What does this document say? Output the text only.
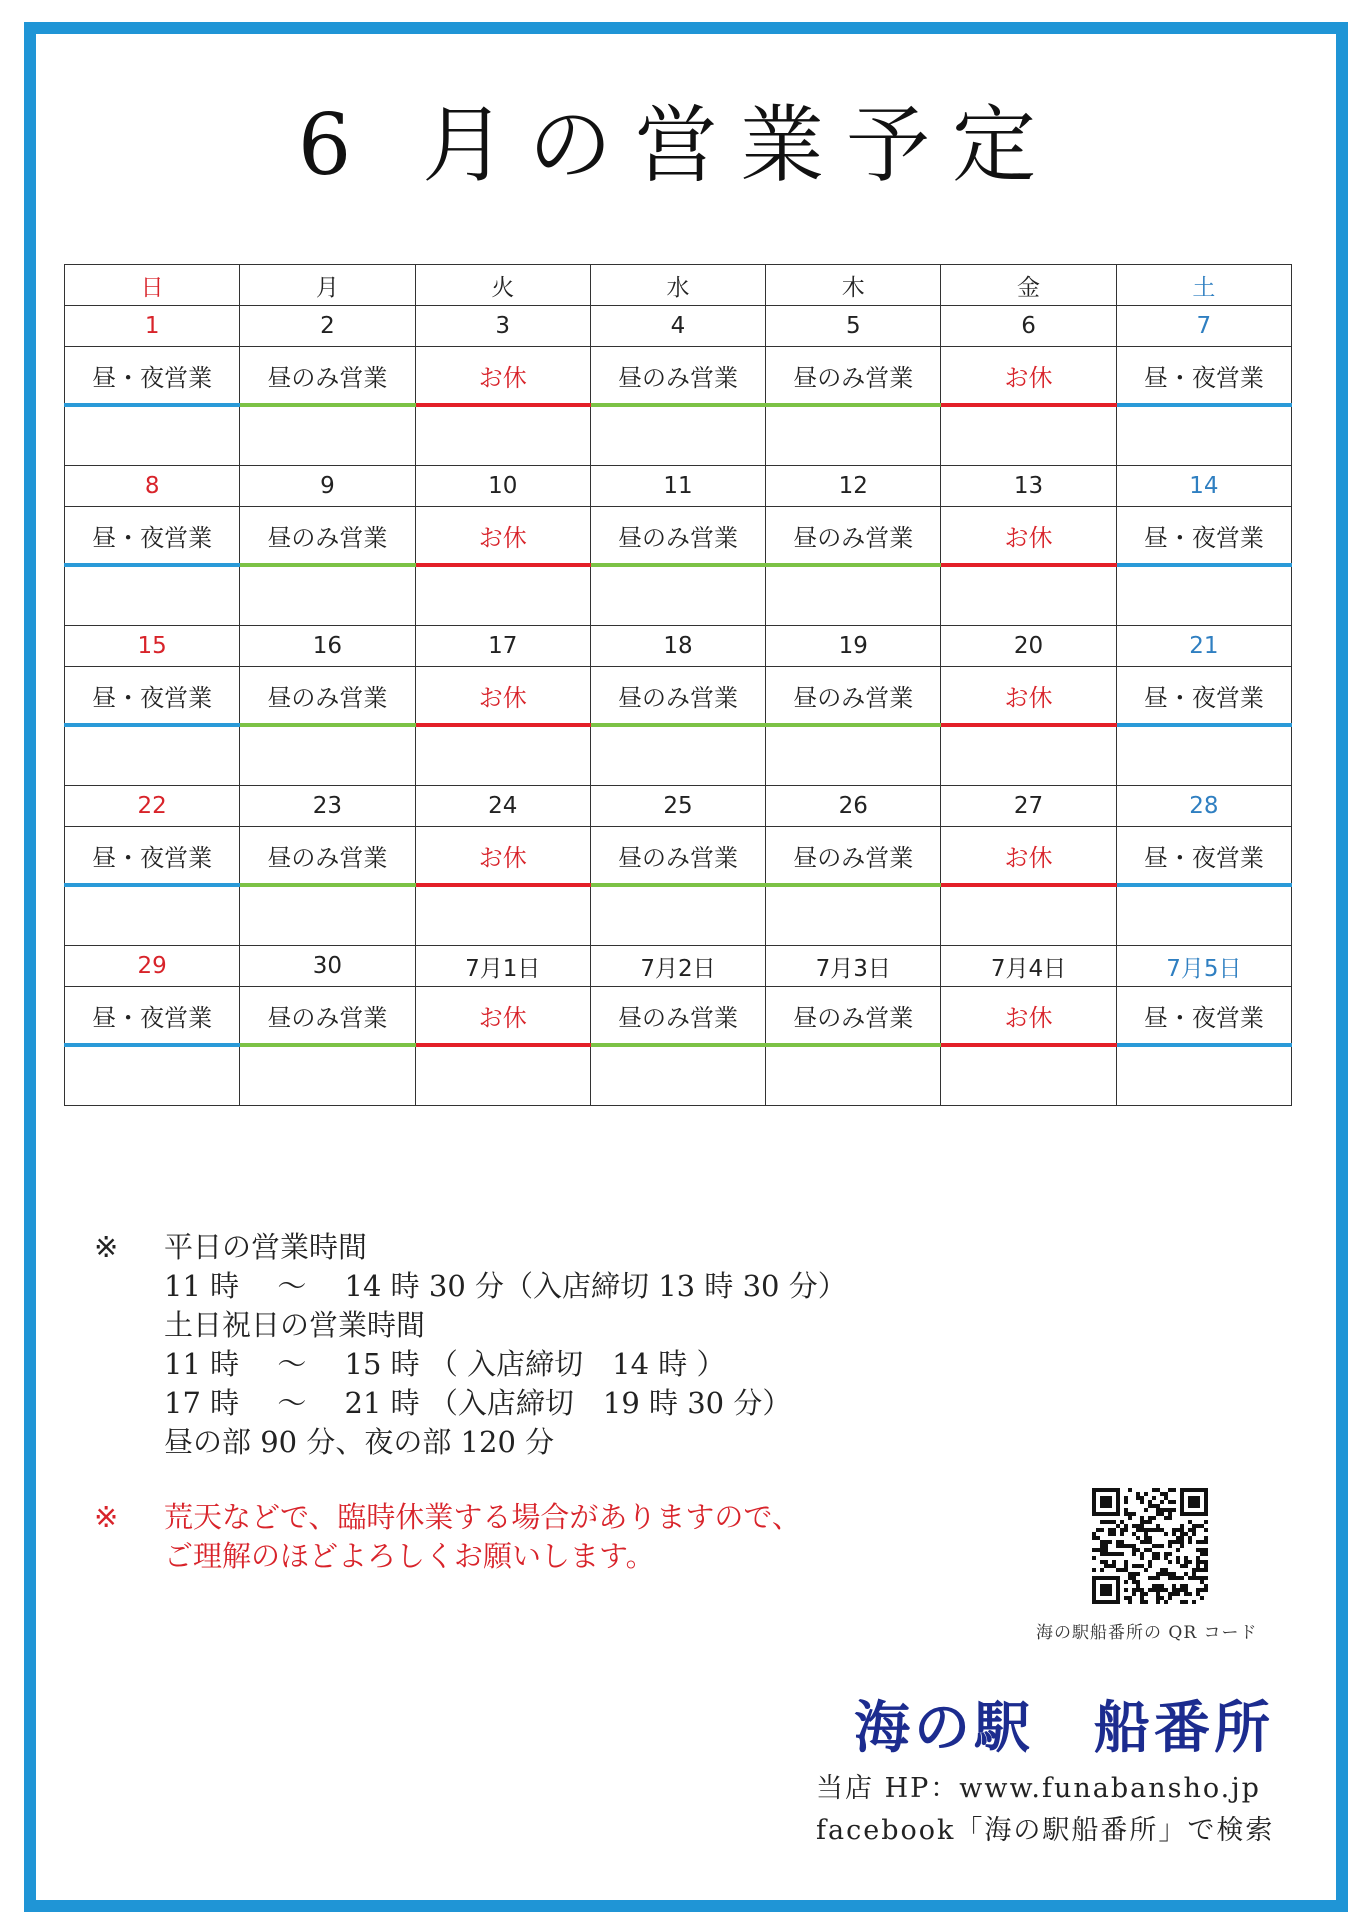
6 月の営業予定
日	月	火	水	木	金	土
1	2	3	4	5	6	7
昼・夜営業	昼のみ営業	お休	昼のみ営業	昼のみ営業	お休	昼・夜営業

8	9	10	11	12	13	14
昼・夜営業	昼のみ営業	お休	昼のみ営業	昼のみ営業	お休	昼・夜営業

15	16	17	18	19	20	21
昼・夜営業	昼のみ営業	お休	昼のみ営業	昼のみ営業	お休	昼・夜営業

22	23	24	25	26	27	28
昼・夜営業	昼のみ営業	お休	昼のみ営業	昼のみ営業	お休	昼・夜営業

29	30	7月1日	7月2日	7月3日	7月4日	7月5日
昼・夜営業	昼のみ営業	お休	昼のみ営業	昼のみ営業	お休	昼・夜営業

※	平日の営業時間
11 時　 〜　 14 時 30 分（入店締切 13 時 30 分）
土日祝日の営業時間
11 時　 〜　 15 時 （ 入店締切　14 時 ）
17 時　 〜　 21 時 （入店締切　19 時 30 分）
昼の部 90 分、夜の部 120 分
※	荒天などで、臨時休業する場合がありますので、
ご理解のほどよろしくお願いします。
海の駅船番所の QR コード
海の駅　船番所
当店 HP：www.funabansho.jp
facebook「海の駅船番所」で検索
